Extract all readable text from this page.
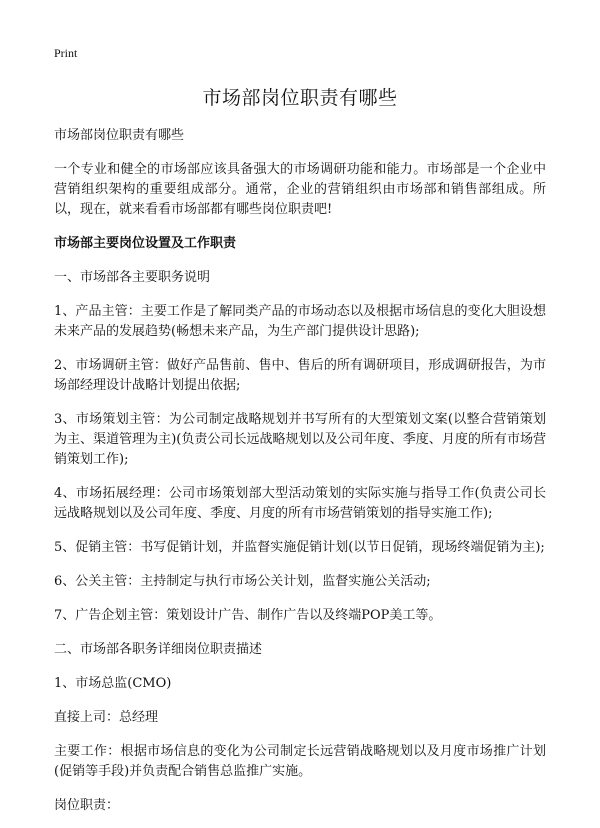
Print

市场部岗位职责有哪些

市场部岗位职责有哪些

一个专业和健全的市场部应该具备强大的市场调研功能和能力。市场部是一个企业中营销组织架构的重要组成部分。通常，企业的营销组织由市场部和销售部组成。所以，现在，就来看看市场部都有哪些岗位职责吧!

市场部主要岗位设置及工作职责

一、市场部各主要职务说明

1、产品主管：主要工作是了解同类产品的市场动态以及根据市场信息的变化大胆设想未来产品的发展趋势(畅想未来产品，为生产部门提供设计思路);

2、市场调研主管：做好产品售前、售中、售后的所有调研项目，形成调研报告，为市场部经理设计战略计划提出依据;

3、市场策划主管：为公司制定战略规划并书写所有的大型策划文案(以整合营销策划为主、渠道管理为主)(负责公司长远战略规划以及公司年度、季度、月度的所有市场营销策划工作);

4、市场拓展经理：公司市场策划部大型活动策划的实际实施与指导工作(负责公司长远战略规划以及公司年度、季度、月度的所有市场营销策划的指导实施工作);

5、促销主管：书写促销计划，并监督实施促销计划(以节日促销，现场终端促销为主);

6、公关主管：主持制定与执行市场公关计划，监督实施公关活动;

7、广告企划主管：策划设计广告、制作广告以及终端POP美工等。

二、市场部各职务详细岗位职责描述

1、市场总监(CMO)

直接上司：总经理

主要工作：根据市场信息的变化为公司制定长远营销战略规划以及月度市场推广计划(促销等手段)并负责配合销售总监推广实施。

岗位职责：
